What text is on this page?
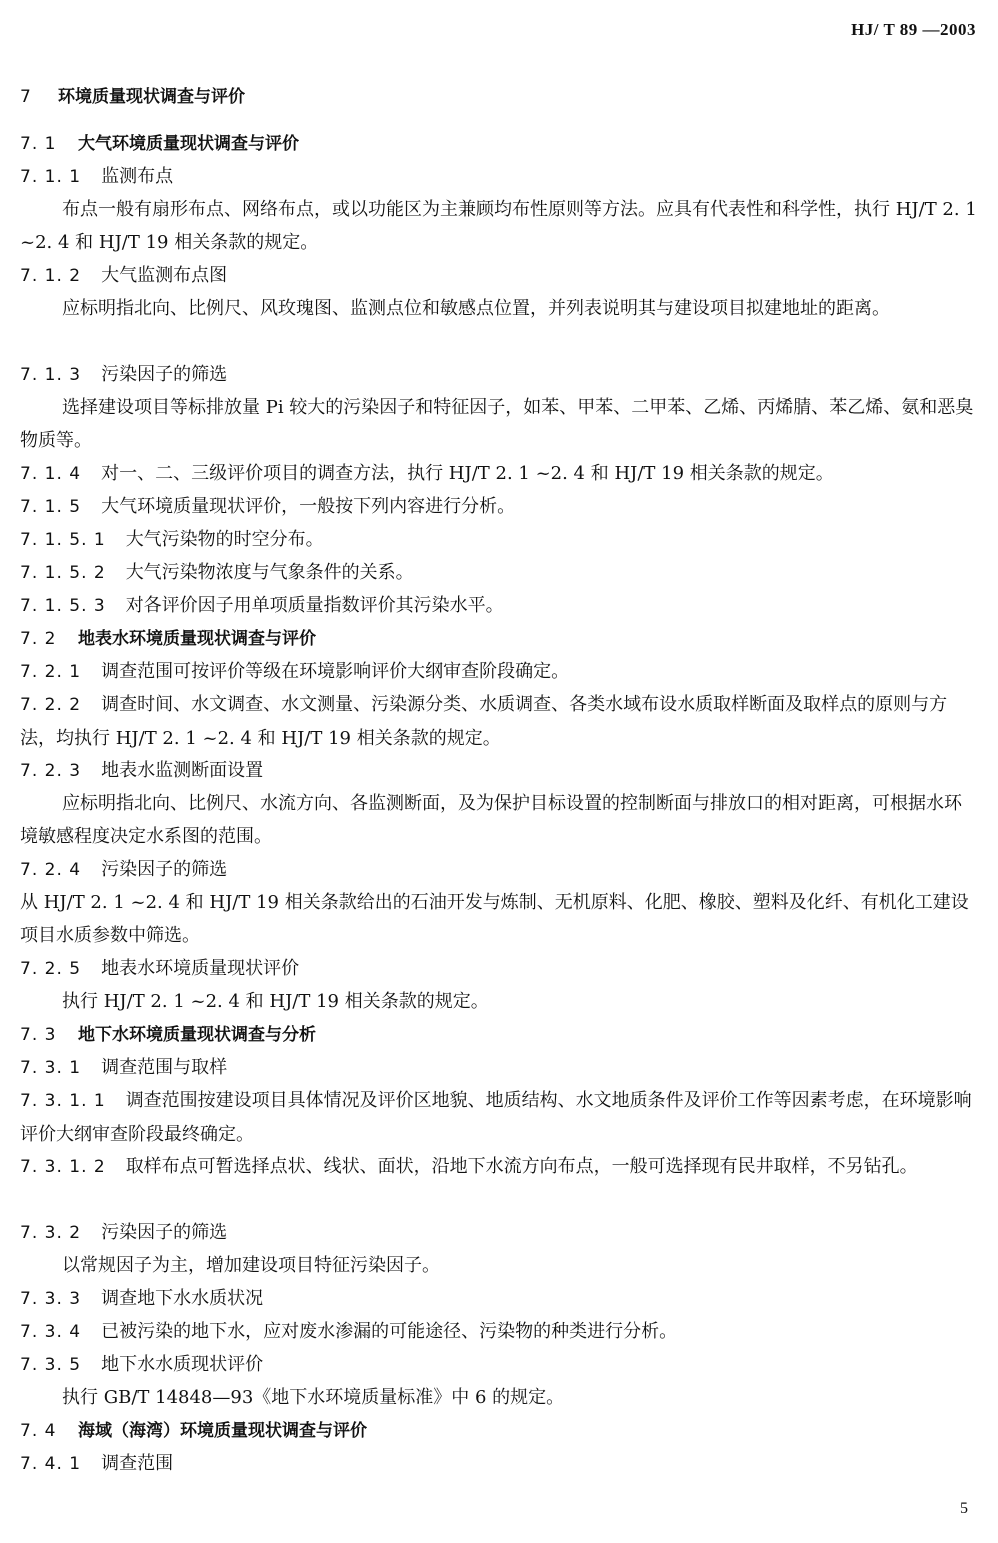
HJ/ T 89 —2003
7 环境质量现状调查与评价
7. 1 大气环境质量现状调查与评价
7. 1. 1 监测布点
布点一般有扇形布点、网络布点，或以功能区为主兼顾均布性原则等方法。应具有代表性和科学性，执行 HJ/T 2. 1 ~2. 4 和 HJ/T 19 相关条款的规定。
7. 1. 2 大气监测布点图
应标明指北向、比例尺、风玫瑰图、监测点位和敏感点位置，并列表说明其与建设项目拟建地址的距离。
7. 1. 3 污染因子的筛选
选择建设项目等标排放量 Pi 较大的污染因子和特征因子，如苯、甲苯、二甲苯、乙烯、丙烯腈、苯乙烯、氨和恶臭物质等。
7. 1. 4 对一、二、三级评价项目的调查方法，执行 HJ/T 2. 1 ~2. 4 和 HJ/T 19 相关条款的规定。
7. 1. 5 大气环境质量现状评价，一般按下列内容进行分析。
7. 1. 5. 1 大气污染物的时空分布。
7. 1. 5. 2 大气污染物浓度与气象条件的关系。
7. 1. 5. 3 对各评价因子用单项质量指数评价其污染水平。
7. 2 地表水环境质量现状调查与评价
7. 2. 1 调查范围可按评价等级在环境影响评价大纲审查阶段确定。
7. 2. 2 调查时间、水文调查、水文测量、污染源分类、水质调查、各类水域布设水质取样断面及取样点的原则与方法，均执行 HJ/T 2. 1 ~2. 4 和 HJ/T 19 相关条款的规定。
7. 2. 3 地表水监测断面设置
应标明指北向、比例尺、水流方向、各监测断面，及为保护目标设置的控制断面与排放口的相对距离，可根据水环境敏感程度决定水系图的范围。
7. 2. 4 污染因子的筛选
从 HJ/T 2. 1 ~2. 4 和 HJ/T 19 相关条款给出的石油开发与炼制、无机原料、化肥、橡胶、塑料及化纤、有机化工建设项目水质参数中筛选。
7. 2. 5 地表水环境质量现状评价
执行 HJ/T 2. 1 ~2. 4 和 HJ/T 19 相关条款的规定。
7. 3 地下水环境质量现状调查与分析
7. 3. 1 调查范围与取样
7. 3. 1. 1 调查范围按建设项目具体情况及评价区地貌、地质结构、水文地质条件及评价工作等因素考虑，在环境影响评价大纲审查阶段最终确定。
7. 3. 1. 2 取样布点可暂选择点状、线状、面状，沿地下水流方向布点，一般可选择现有民井取样，不另钻孔。
7. 3. 2 污染因子的筛选
以常规因子为主，增加建设项目特征污染因子。
7. 3. 3 调查地下水水质状况
7. 3. 4 已被污染的地下水，应对废水渗漏的可能途径、污染物的种类进行分析。
7. 3. 5 地下水水质现状评价
执行 GB/T 14848—93《地下水环境质量标准》中 6 的规定。
7. 4 海域（海湾）环境质量现状调查与评价
7. 4. 1 调查范围
5
